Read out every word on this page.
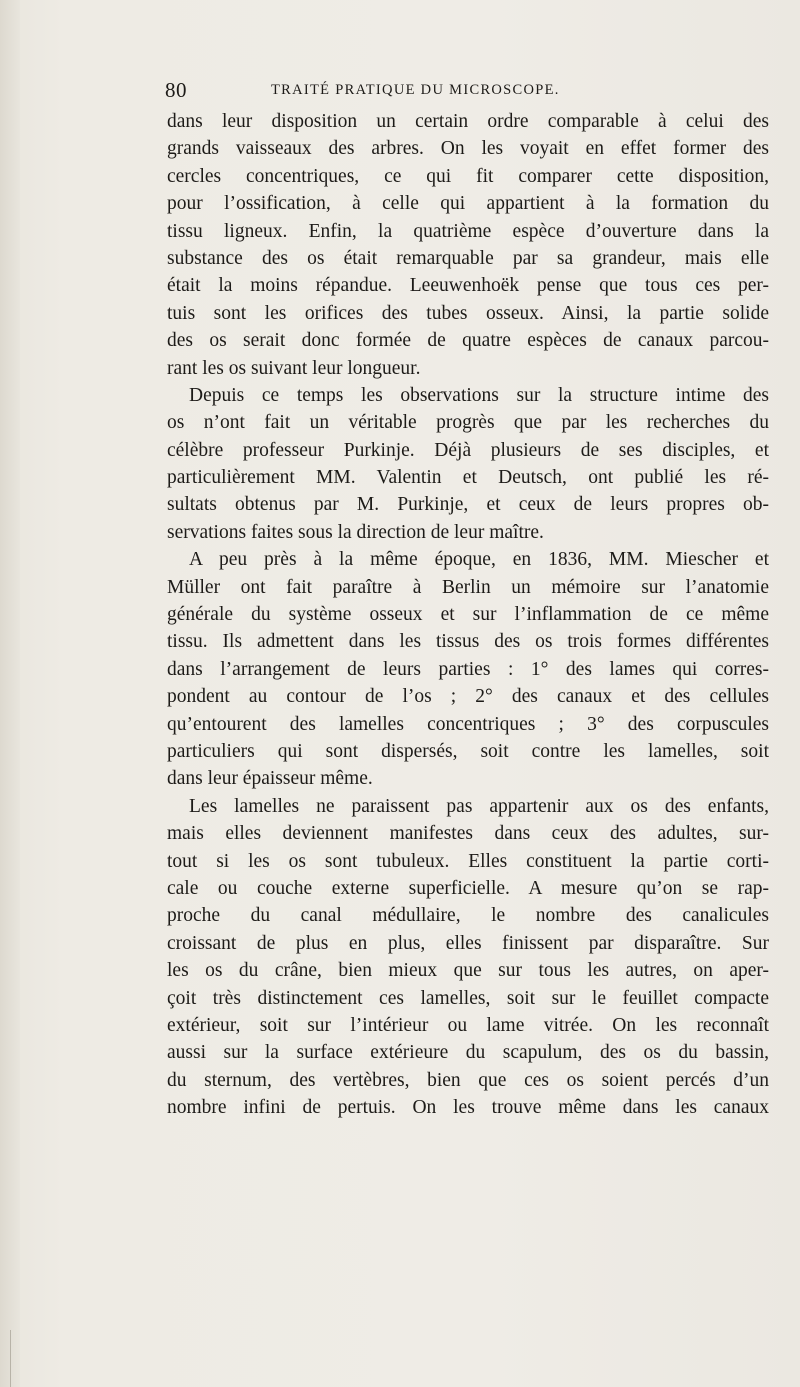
80	TRAITÉ PRATIQUE DU MICROSCOPE.
dans leur disposition un certain ordre comparable à celui des
grands vaisseaux des arbres. On les voyait en effet former des
cercles concentriques, ce qui fit comparer cette disposition,
pour l’ossification, à celle qui appartient à la formation du
tissu ligneux. Enfin, la quatrième espèce d’ouverture dans la
substance des os était remarquable par sa grandeur, mais elle
était la moins répandue. Leeuwenhoëk pense que tous ces per-
tuis sont les orifices des tubes osseux. Ainsi, la partie solide
des os serait donc formée de quatre espèces de canaux parcou-
rant les os suivant leur longueur.
Depuis ce temps les observations sur la structure intime des
os n’ont fait un véritable progrès que par les recherches du
célèbre professeur Purkinje. Déjà plusieurs de ses disciples, et
particulièrement MM. Valentin et Deutsch, ont publié les ré-
sultats obtenus par M. Purkinje, et ceux de leurs propres ob-
servations faites sous la direction de leur maître.
A peu près à la même époque, en 1836, MM. Miescher et
Müller ont fait paraître à Berlin un mémoire sur l’anatomie
générale du système osseux et sur l’inflammation de ce même
tissu. Ils admettent dans les tissus des os trois formes différentes
dans l’arrangement de leurs parties : 1° des lames qui corres-
pondent au contour de l’os ; 2° des canaux et des cellules
qu’entourent des lamelles concentriques ; 3° des corpuscules
particuliers qui sont dispersés, soit contre les lamelles, soit
dans leur épaisseur même.
Les lamelles ne paraissent pas appartenir aux os des enfants,
mais elles deviennent manifestes dans ceux des adultes, sur-
tout si les os sont tubuleux. Elles constituent la partie corti-
cale ou couche externe superficielle. A mesure qu’on se rap-
proche du canal médullaire, le nombre des canalicules
croissant de plus en plus, elles finissent par disparaître. Sur
les os du crâne, bien mieux que sur tous les autres, on aper-
çoit très distinctement ces lamelles, soit sur le feuillet compacte
extérieur, soit sur l’intérieur ou lame vitrée. On les reconnaît
aussi sur la surface extérieure du scapulum, des os du bassin,
du sternum, des vertèbres, bien que ces os soient percés d’un
nombre infini de pertuis. On les trouve même dans les canaux
